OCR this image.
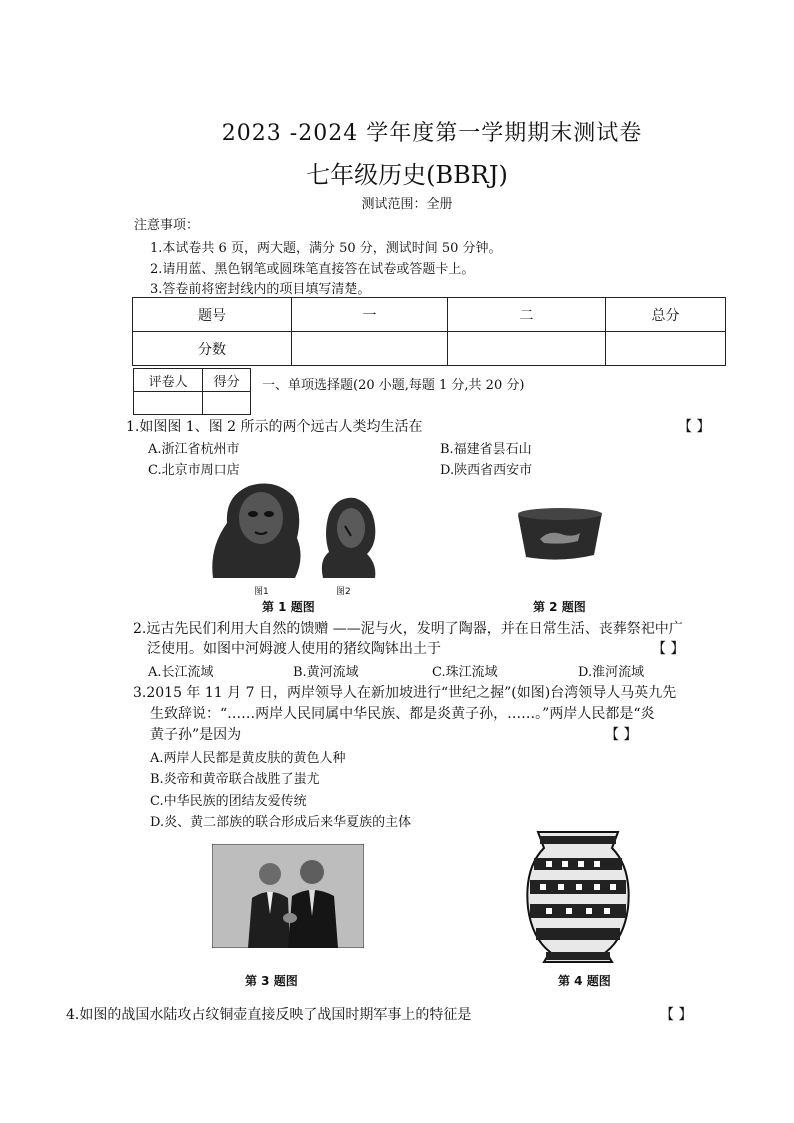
2023 -2024 学年度第一学期期末测试卷
七年级历史(BBRJ)
测试范围：全册
注意事项：
1.本试卷共 6 页，两大题，满分 50 分，测试时间 50 分钟。
2.请用蓝、黑色钢笔或圆珠笔直接答在试卷或答题卡上。
3.答卷前将密封线内的项目填写清楚。
题号	一	二	总分
分数			
评卷人	得分
	一、单项选择题(20 小题,每题 1 分,共 20 分)
1.如图图 1、图 2 所示的两个远古人类均生活在	【 】
A.浙江省杭州市	B.福建省昙石山
C.北京市周口店	D.陕西省西安市
图1	图2
第 1 题图	第 2 题图
2.远古先民们利用大自然的馈赠 ——泥与火，发明了陶器，并在日常生活、丧葬祭祀中广
泛使用。如图中河姆渡人使用的猪纹陶钵出土于	【 】
A.长江流域	B.黄河流域	C.珠江流域	D.淮河流域
3.2015 年 11 月 7 日，两岸领导人在新加坡进行“世纪之握”(如图)台湾领导人马英九先
生致辞说：“……两岸人民同属中华民族、都是炎黄子孙，……。”两岸人民都是“炎
黄子孙”是因为	【 】
A.两岸人民都是黄皮肤的黄色人种
B.炎帝和黄帝联合战胜了蚩尤
C.中华民族的团结友爱传统
D.炎、黄二部族的联合形成后来华夏族的主体
第 3 题图	第 4 题图
4.如图的战国水陆攻占纹铜壶直接反映了战国时期军事上的特征是	【 】
